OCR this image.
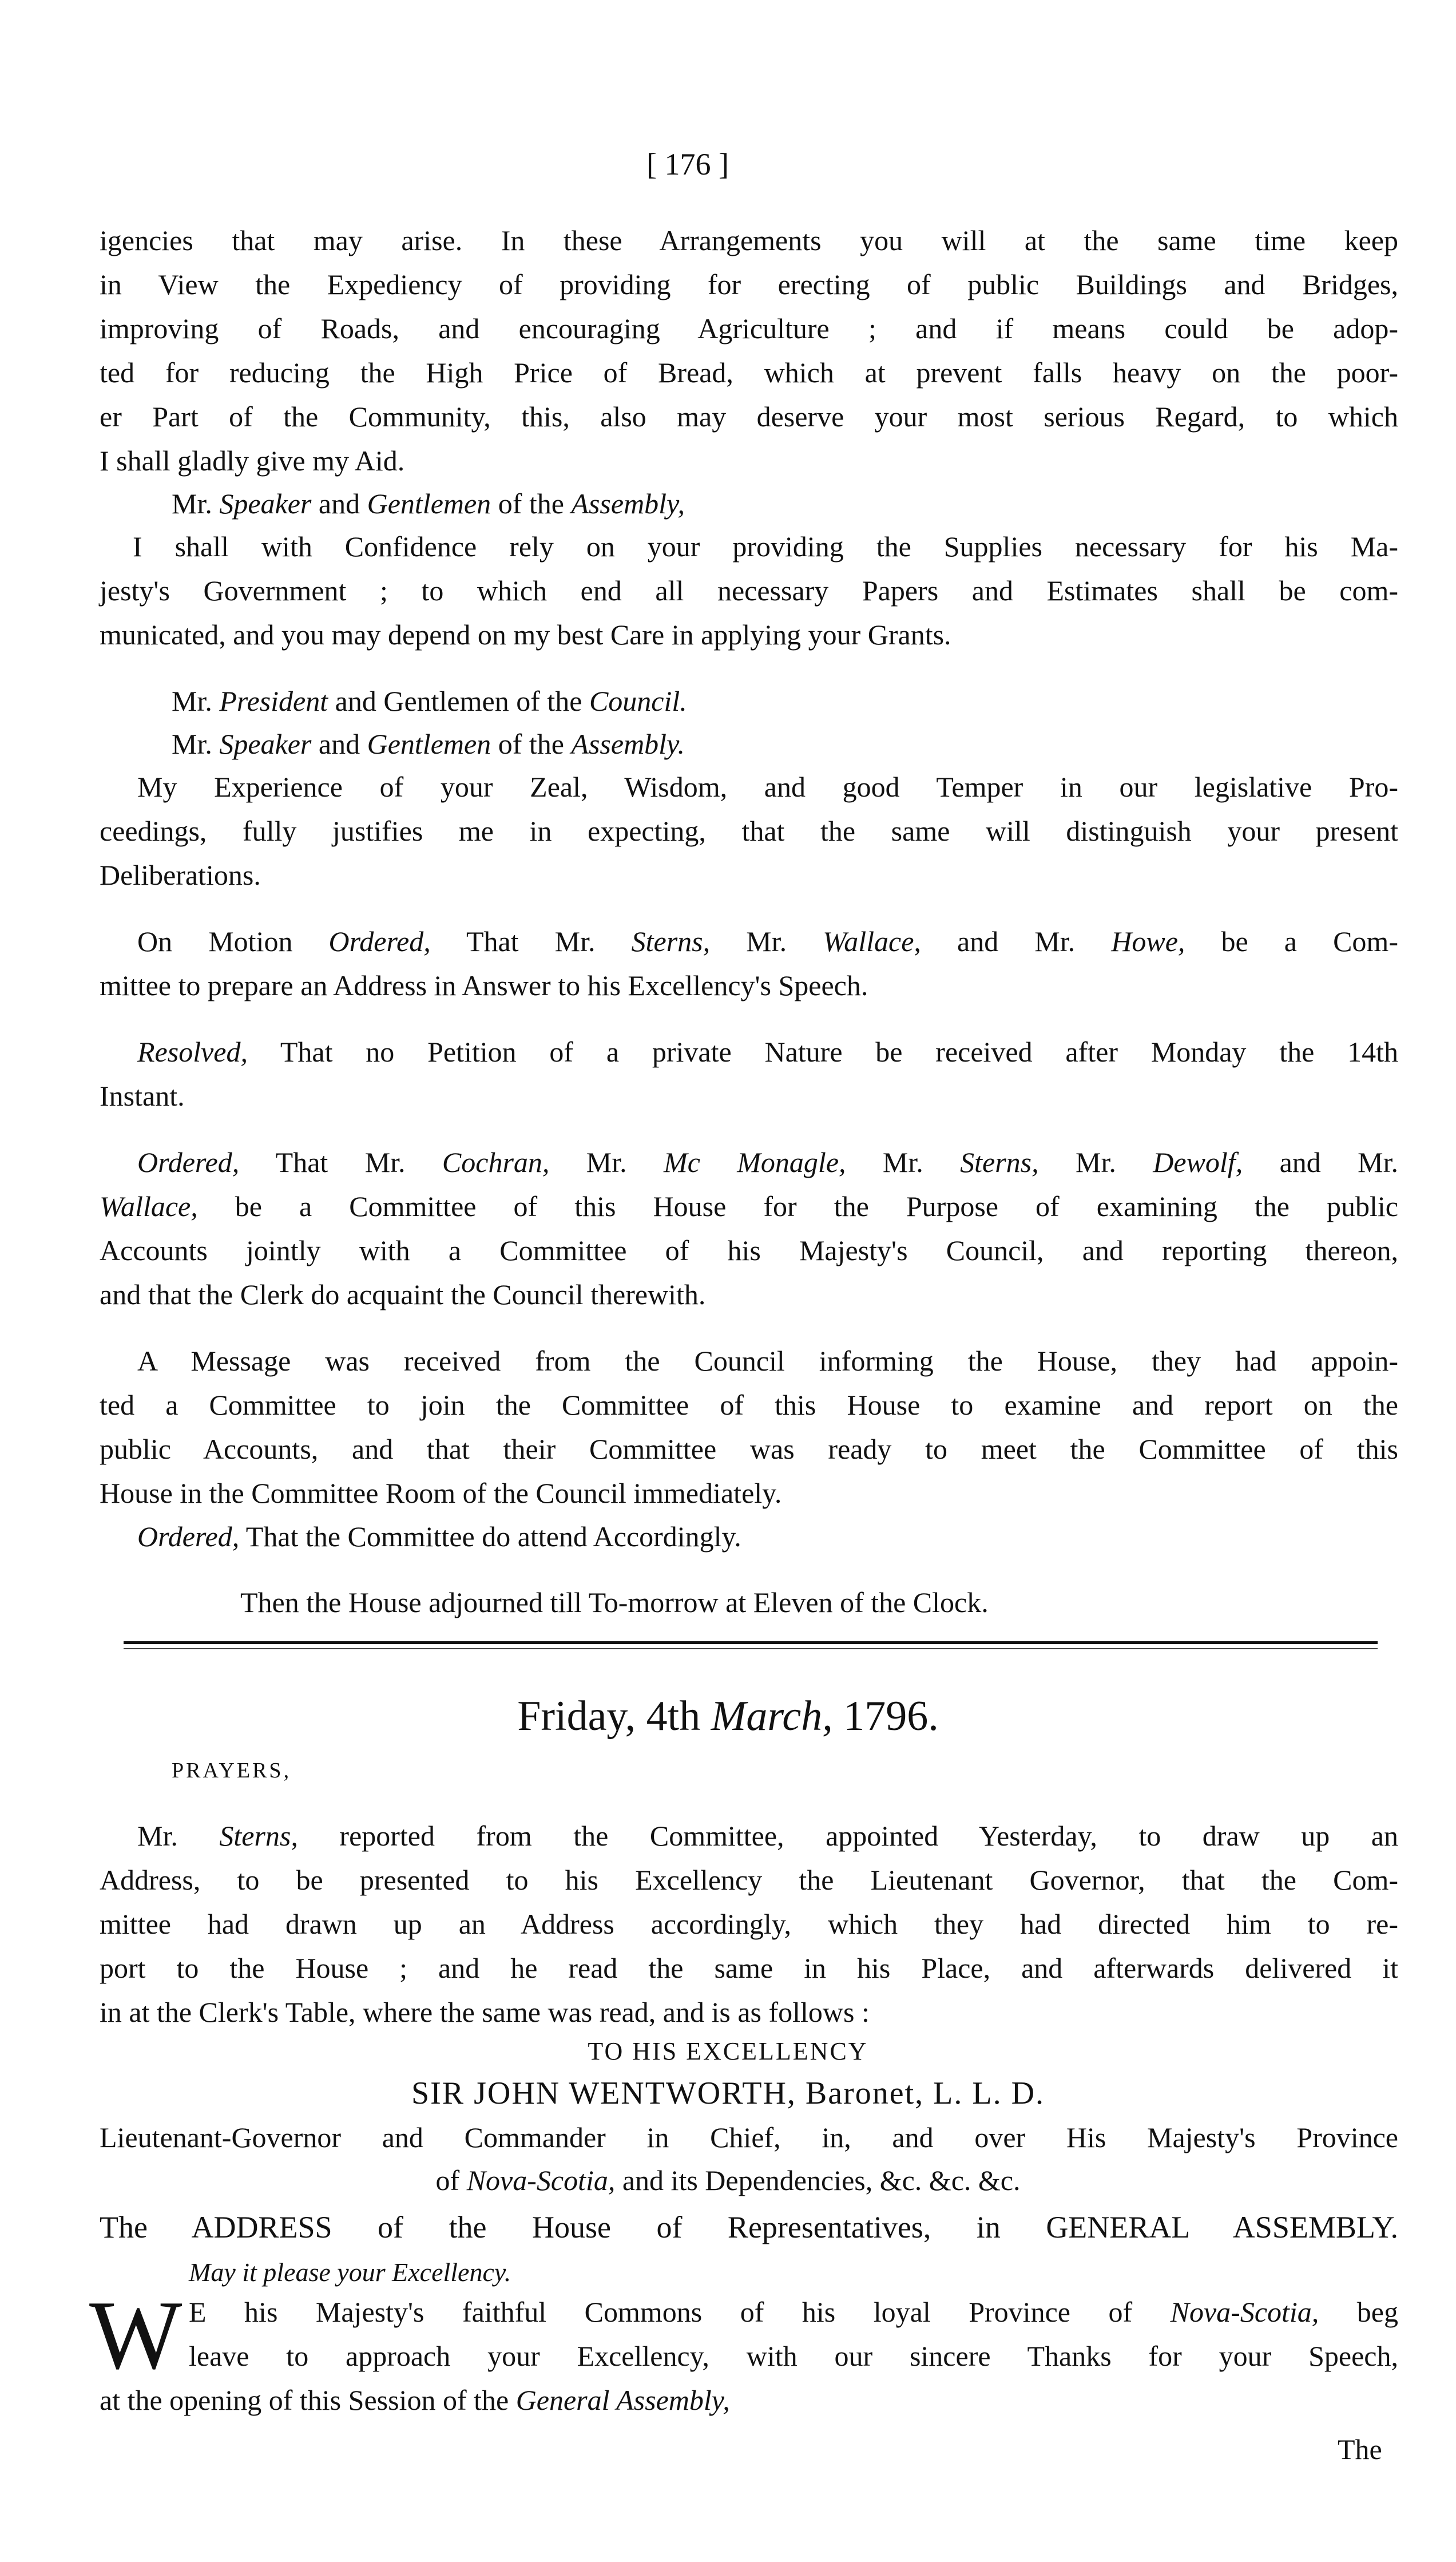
[ 176 ]
igencies that may arise. In these Arrangements you will at the same time keep
in View the Expediency of providing for erecting of public Buildings and Bridges,
improving of Roads, and encouraging Agriculture ; and if means could be adop-
ted for reducing the High Price of Bread, which at prevent falls heavy on the poor-
er Part of the Community, this, also may deserve your most serious Regard, to which
I shall gladly give my Aid.
Mr. Speaker and Gentlemen of the Assembly,
I shall with Confidence rely on your providing the Supplies necessary for his Ma-
jesty's Government ; to which end all necessary Papers and Estimates shall be com-
municated, and you may depend on my best Care in applying your Grants.
Mr. President and Gentlemen of the Council.
Mr. Speaker and Gentlemen of the Assembly.
My Experience of your Zeal, Wisdom, and good Temper in our legislative Pro-
ceedings, fully justifies me in expecting, that the same will distinguish your present
Deliberations.
On Motion Ordered, That Mr. Sterns, Mr. Wallace, and Mr. Howe, be a Com-
mittee to prepare an Address in Answer to his Excellency's Speech.
Resolved, That no Petition of a private Nature be received after Monday the 14th
Instant.
Ordered, That Mr. Cochran, Mr. Mc Monagle, Mr. Sterns, Mr. Dewolf, and Mr.
Wallace, be a Committee of this House for the Purpose of examining the public
Accounts jointly with a Committee of his Majesty's Council, and reporting thereon,
and that the Clerk do acquaint the Council therewith.
A Message was received from the Council informing the House, they had appoin-
ted a Committee to join the Committee of this House to examine and report on the
public Accounts, and that their Committee was ready to meet the Committee of this
House in the Committee Room of the Council immediately.
Ordered, That the Committee do attend Accordingly.
Then the House adjourned till To-morrow at Eleven of the Clock.
Friday, 4th March, 1796.
PRAYERS,
Mr. Sterns, reported from the Committee, appointed Yesterday, to draw up an
Address, to be presented to his Excellency the Lieutenant Governor, that the Com-
mittee had drawn up an Address accordingly, which they had directed him to re-
port to the House ; and he read the same in his Place, and afterwards delivered it
in at the Clerk's Table, where the same was read, and is as follows :
TO HIS EXCELLENCY
SIR JOHN WENTWORTH, Baronet, L. L. D.
Lieutenant-Governor and Commander in Chief, in, and over His Majesty's Province
of Nova-Scotia, and its Dependencies, &c. &c. &c.
The ADDRESS of the House of Representatives, in GENERAL ASSEMBLY.
May it please your Excellency.
W E his Majesty's faithful Commons of his loyal Province of Nova-Scotia, beg
leave to approach your Excellency, with our sincere Thanks for your Speech,
at the opening of this Session of the General Assembly,
The
